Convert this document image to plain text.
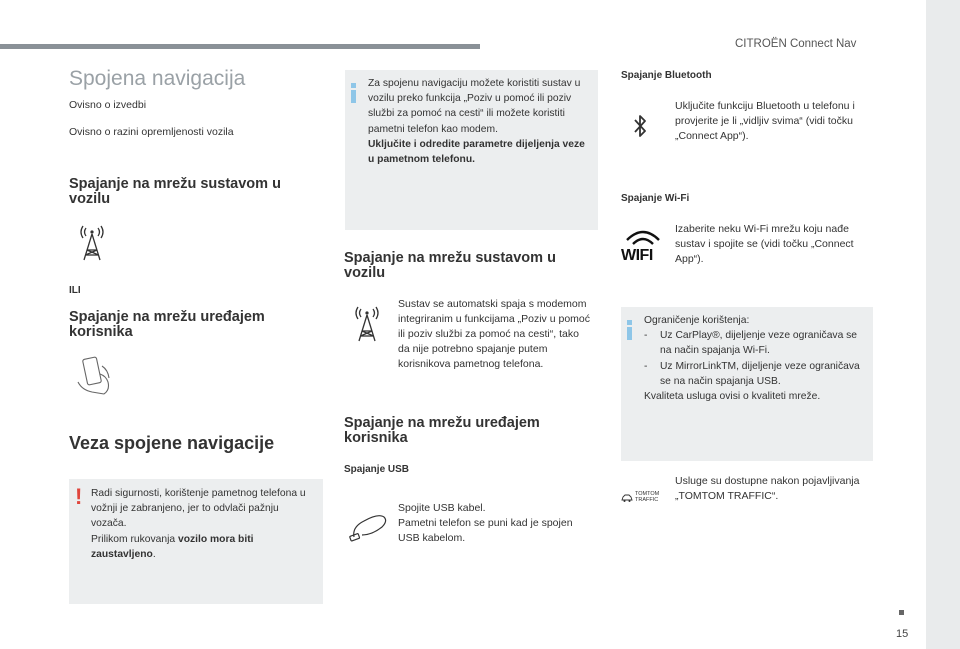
CITROËN Connect Nav
15
Spojena navigacija
Ovisno o izvedbi
Ovisno o razini opremljenosti vozila
Spajanje na mrežu sustavom u vozilu
ILI
Spajanje na mrežu uređajem korisnika
Veza spojene navigacije
! Radi sigurnosti, korištenje pametnog telefona u vožnji je zabranjeno, jer to odvlači pažnju vozača.
Prilikom rukovanja vozilo mora biti zaustavljeno.
Za spojenu navigaciju možete koristiti sustav u vozilu preko funkcija „Poziv u pomoć ili poziv službi za pomoć na cesti“ ili možete koristiti pametni telefon kao modem.
Uključite i odredite parametre dijeljenja veze u pametnom telefonu.
Spajanje na mrežu sustavom u vozilu
Sustav se automatski spaja s modemom integriranim u funkcijama „Poziv u pomoć ili poziv službi za pomoć na cesti“, tako da nije potrebno spajanje putem korisnikova pametnog telefona.
Spajanje na mrežu uređajem korisnika
Spajanje USB
Spojite USB kabel.
Pametni telefon se puni kad je spojen USB kabelom.
Spajanje Bluetooth
Uključite funkciju Bluetooth u telefonu i provjerite je li „vidljiv svima“ (vidi točku „Connect App“).
Spajanje Wi-Fi
WIFI
Izaberite neku Wi-Fi mrežu koju nađe sustav i spojite se (vidi točku „Connect App“).
Ograničenje korištenja:
-	Uz CarPlay®, dijeljenje veze ograničava se na način spajanja Wi-Fi.
-	Uz MirrorLinkTM, dijeljenje veze ograničava se na način spajanja USB.
Kvaliteta usluga ovisi o kvaliteti mreže.
TOMTOM
TRAFFIC
Usluge su dostupne nakon pojavljivanja „TOMTOM TRAFFIC“.
